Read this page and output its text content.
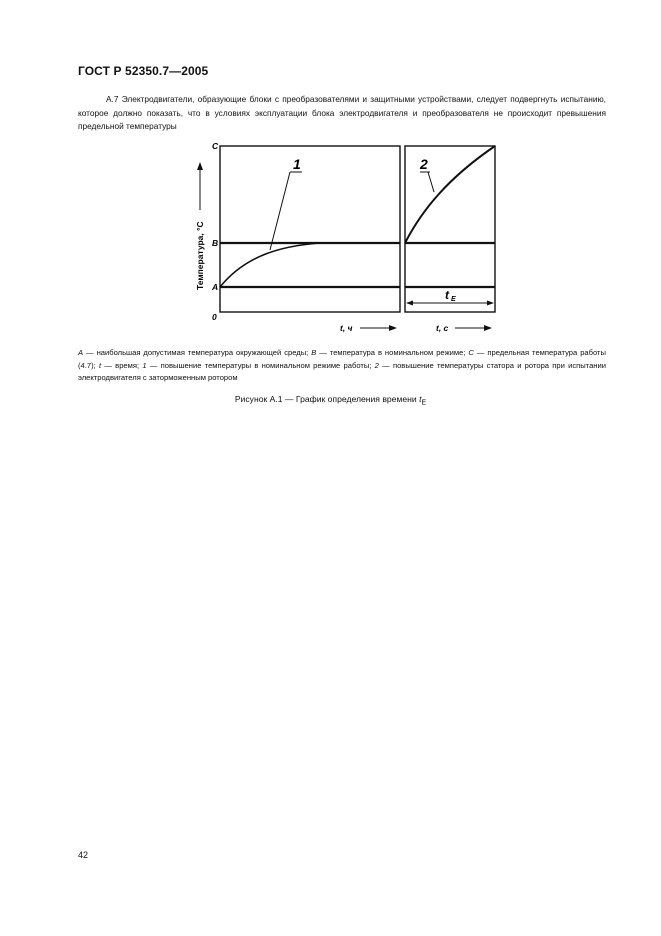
ГОСТ Р 52350.7—2005
А.7 Электродвигатели, образующие блоки с преобразователями и защитными устройствами, следует подвергнуть испытанию, которое должно показать, что в условиях эксплуатации блока электродвигателя и преобразователя не происходит превышения предельной температуры
1	2
Температура, °С
C
B
A
0
t, ч	t, с
t E
A — наибольшая допустимая температура окружающей среды; B — температура в номинальном режиме; C — предельная температура работы (4.7); t — время; 1 — повышение температуры в номинальном режиме работы; 2 — повышение температуры статора и ротора при испытании электродвигателя с заторможенным ротором
Рисунок А.1 — График определения времени $t_E$
42
